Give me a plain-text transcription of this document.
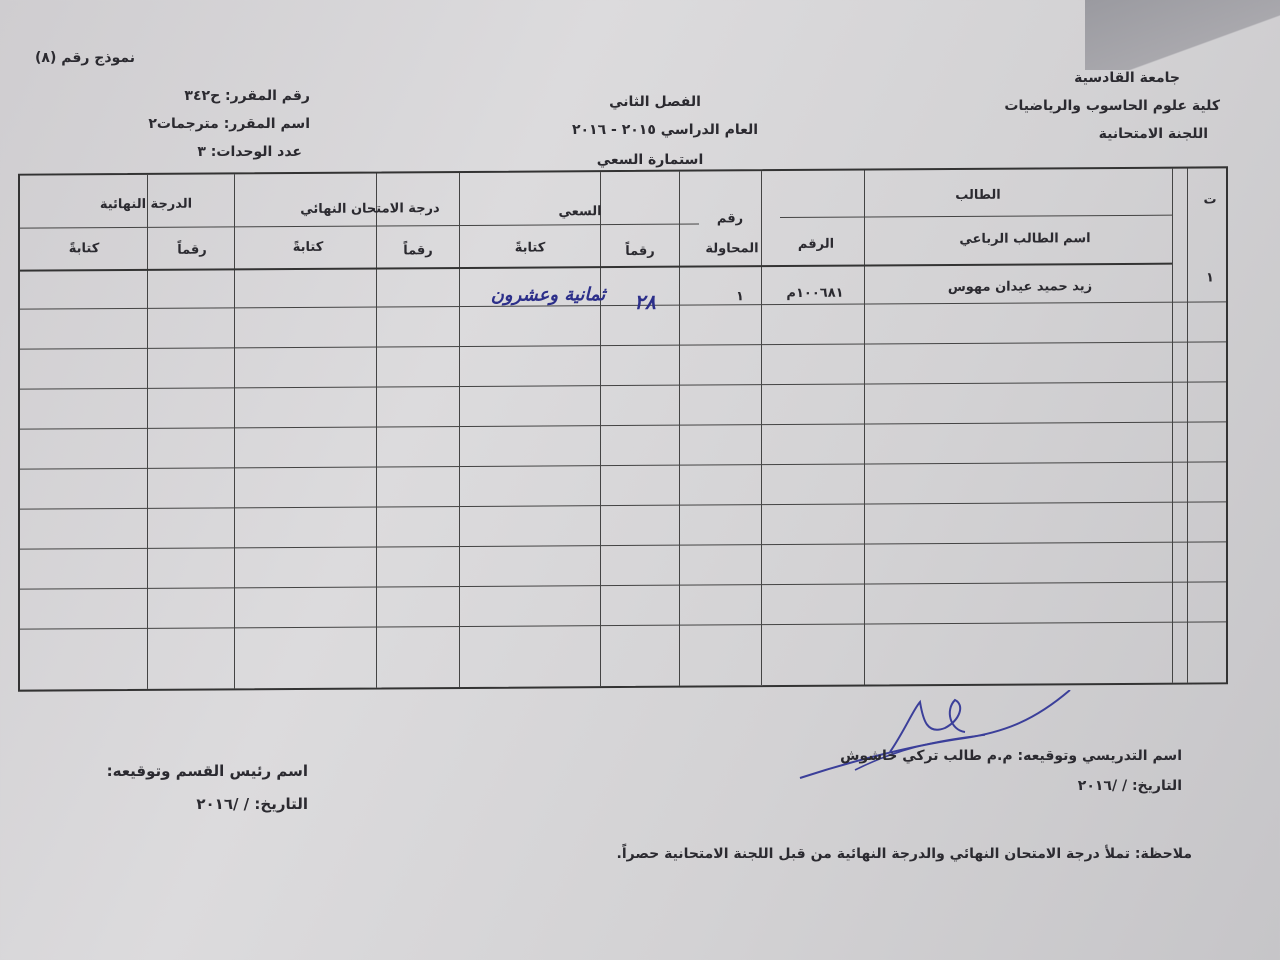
نموذج رقم (٨)
جامعة القادسية
كلية علوم الحاسوب والرياضيات
اللجنة الامتحانية
الفصل الثاني
العام الدراسي ٢٠١٥ - ٢٠١٦
استمارة السعي
رقم المقرر: ح٣٤٢
اسم المقرر: مترجمات٢
عدد الوحدات: ٣
ت
الطالب
اسم الطالب الرباعي
الرقم
رقم
المحاولة
السعي
رقماً
كتابةً
درجة الامتحان النهائي
رقماً
كتابةً
الدرجة النهائية
رقماً
كتابةً
١
زيد حميد عيدان مهوس
١٠٠٦٨١م
١
٢٨
ثمانية وعشرون
اسم التدريسي وتوقيعه: م.م طالب تركي خاشوش
التاريخ: / /٢٠١٦
اسم رئيس القسم وتوقيعه:
التاريخ: / /٢٠١٦
ملاحظة: تملأ درجة الامتحان النهائي والدرجة النهائية من قبل اللجنة الامتحانية حصراً.
